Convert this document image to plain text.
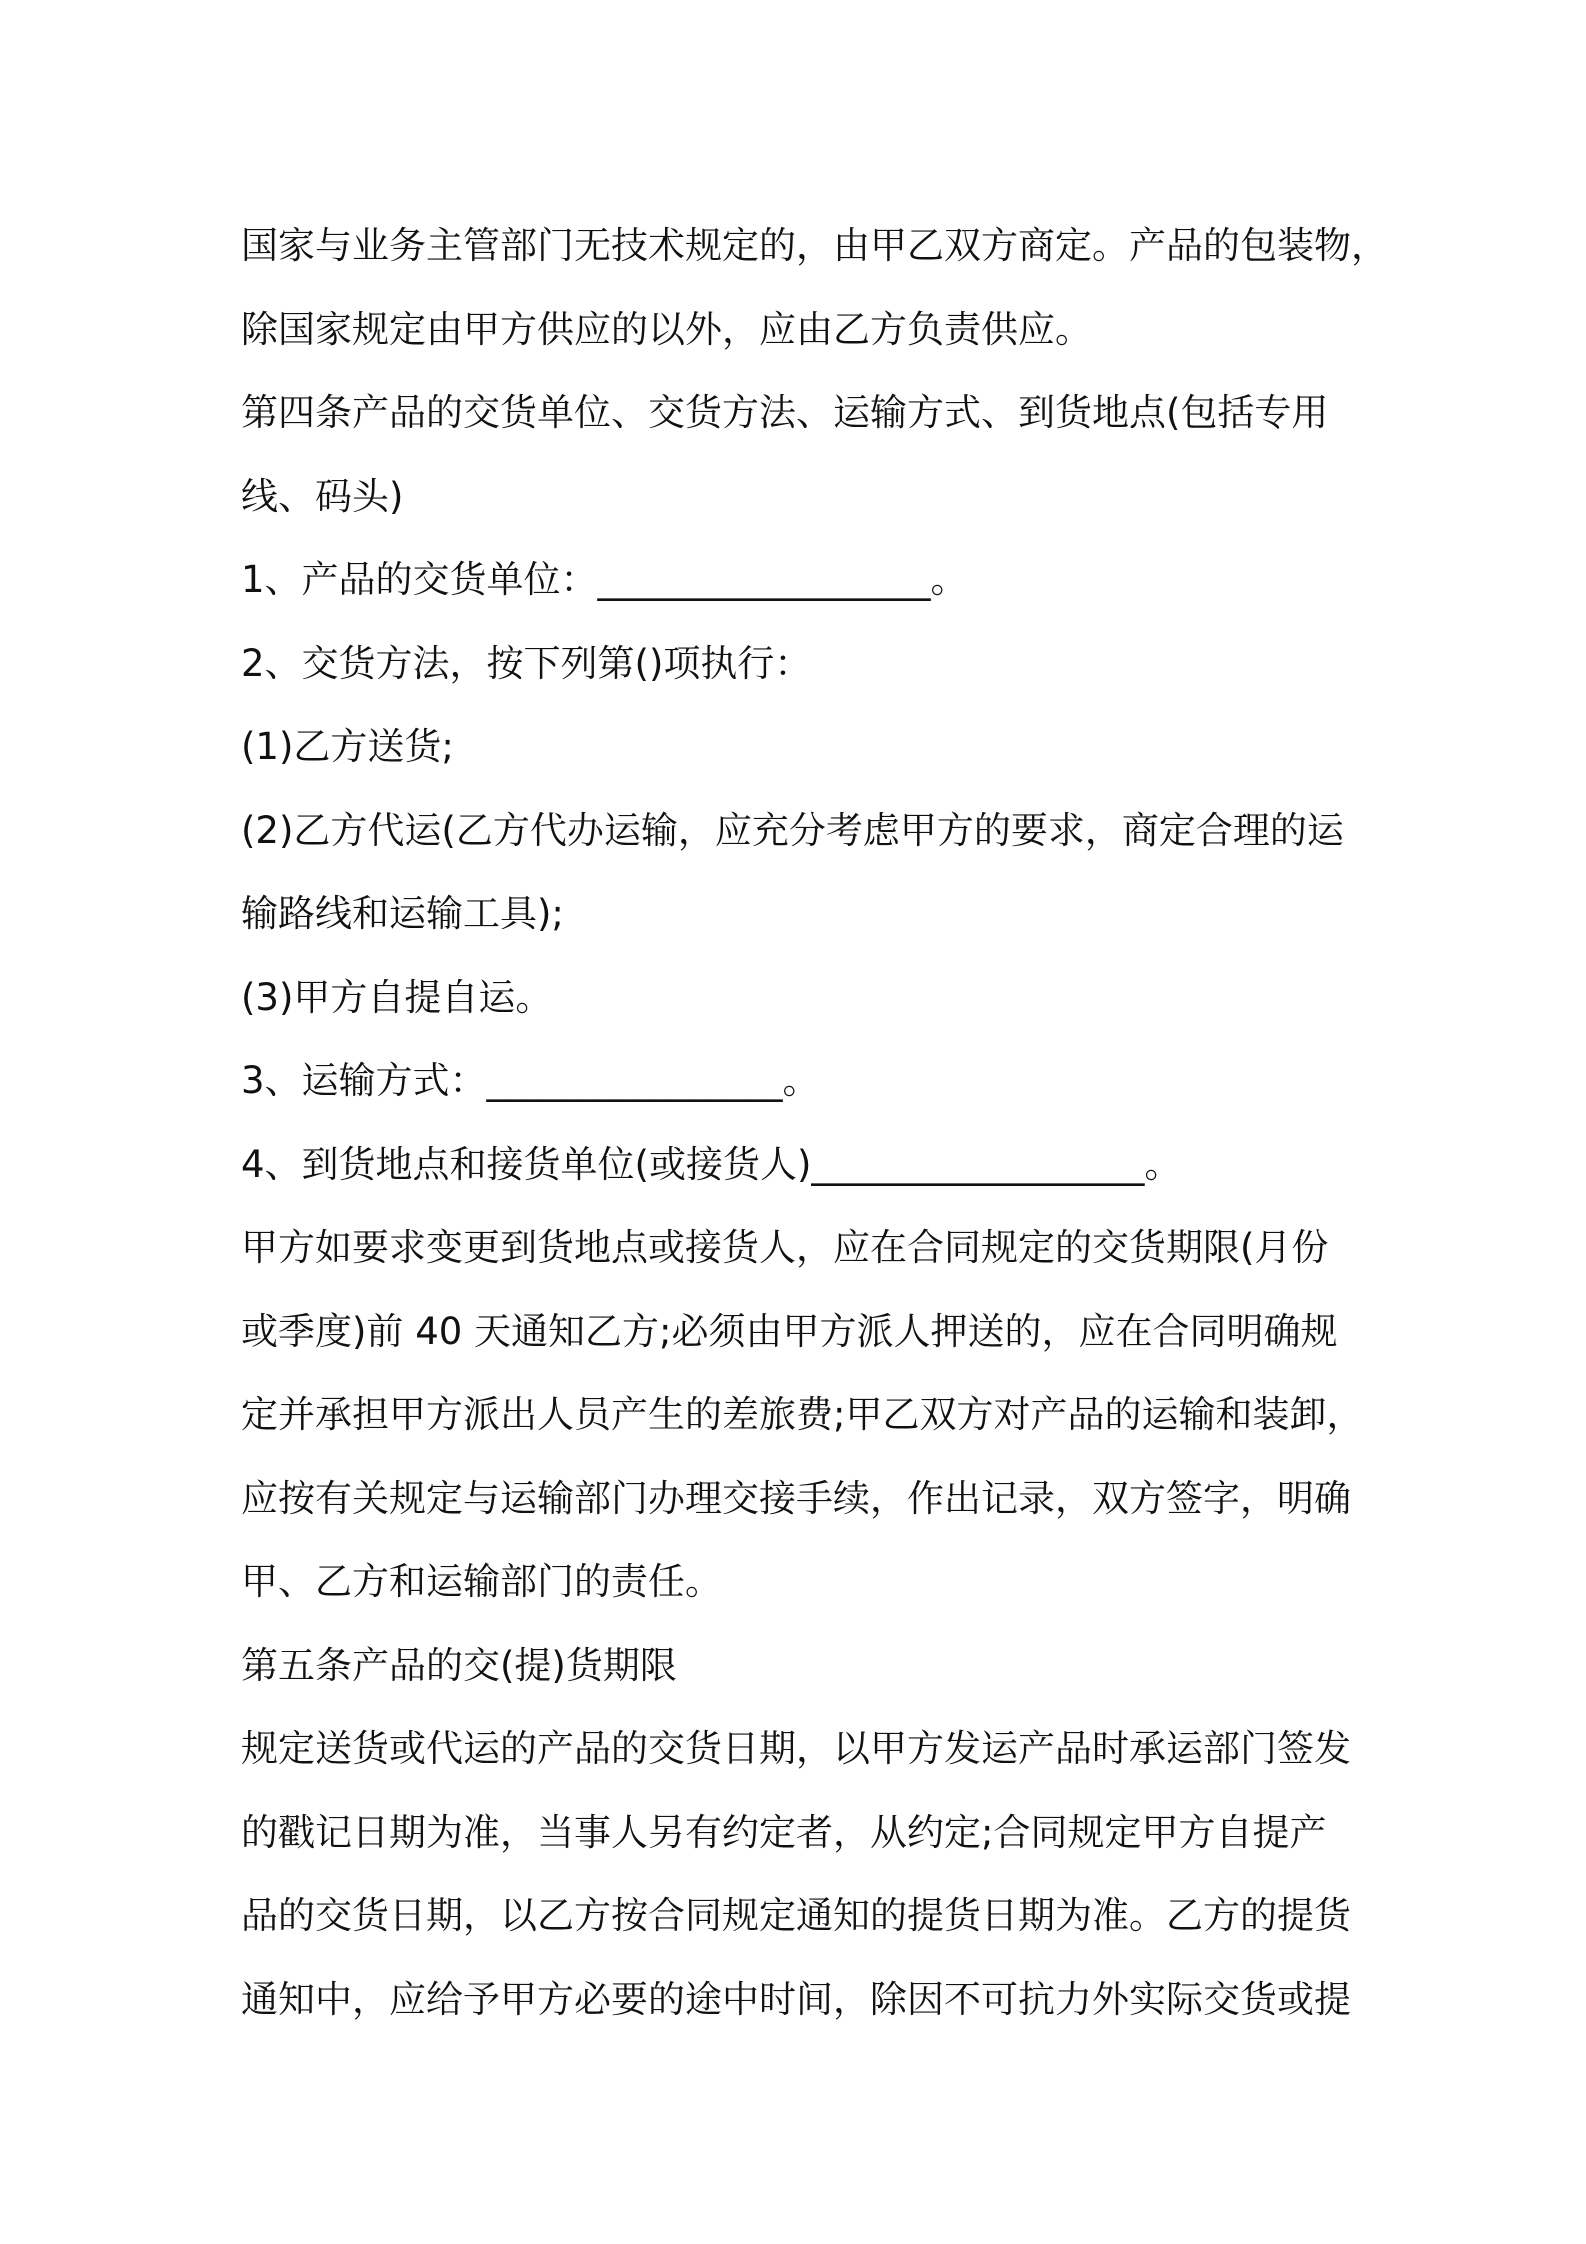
国家与业务主管部门无技术规定的，由甲乙双方商定。产品的包装物，
除国家规定由甲方供应的以外，应由乙方负责供应。
第四条产品的交货单位、交货方法、运输方式、到货地点(包括专用
线、码头)
1、产品的交货单位：__________________。
2、交货方法，按下列第()项执行：
(1)乙方送货;
(2)乙方代运(乙方代办运输，应充分考虑甲方的要求，商定合理的运
输路线和运输工具);
(3)甲方自提自运。
3、运输方式：________________。
4、到货地点和接货单位(或接货人)__________________。
甲方如要求变更到货地点或接货人，应在合同规定的交货期限(月份
或季度)前 40 天通知乙方;必须由甲方派人押送的，应在合同明确规
定并承担甲方派出人员产生的差旅费;甲乙双方对产品的运输和装卸，
应按有关规定与运输部门办理交接手续，作出记录，双方签字，明确
甲、乙方和运输部门的责任。
第五条产品的交(提)货期限
规定送货或代运的产品的交货日期，以甲方发运产品时承运部门签发
的戳记日期为准，当事人另有约定者，从约定;合同规定甲方自提产
品的交货日期，以乙方按合同规定通知的提货日期为准。乙方的提货
通知中，应给予甲方必要的途中时间，除因不可抗力外实际交货或提
